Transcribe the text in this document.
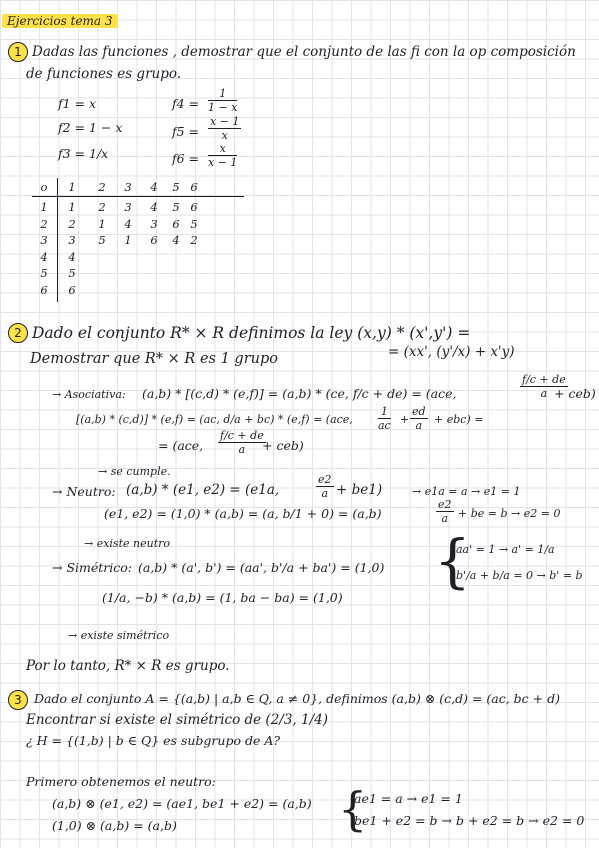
Ejercicios tema 3
1 Dadas las funciones , demostrar que el conjunto de las fi con la op composición
de funciones es grupo.
f1 = x
f2 = 1 − x
f3 = 1/x
$f4 = \frac{1}{1 - x}$
$f5 = \frac{x - 1}{x}$
$f6 = \frac{x}{x - 1}$
o 1 2 3 4 5 6
1 1 2 3 4 5 6
2 2 1 4 3 6 5
3 3 5 1 6 4 2
4 4
5 5
6 6
2 Dado el conjunto R* × R definimos la ley (x,y) * (x',y') =
Demostrar que R* × R es 1 grupo	= (xx', (y'/x) + x'y)
→ Asociativa: (a,b) * [(c,d) * (e,f)] = (a,b) * (ce, f/c + de) = (ace,	$\frac{f/c + de}{a}$
+ ceb)
[(a,b) * (c,d)] * (e,f) = (ac, d/a + bc) * (e,f) = (ace, $\frac{1}{ac} + \frac{ed}{a} + ebc$) =
= (ace, $\frac{f/c + de}{a}$
+ ceb)
→ se cumple.
→ Neutro: (a,b) * (e1, e2) = (e1a,	$\frac{e2}{a} + be1$)	→ e1a = a → e1 = 1
(e1, e2) = (1,0) * (a,b) = (a, b/1 + 0) = (a,b)	$\frac{e2}{a}$ + be = b → e2 = 0
→ existe neutro
→ Simétrico: (a,b) * (a', b') = (aa', b'/a + ba') = (1,0) {
aa' = 1 → a' = 1/a
b'/a + b/a = 0 → b' = b
(1/a, −b) * (a,b) = (1, ba − ba) = (1,0)
→ existe simétrico
Por lo tanto, R* × R es grupo.
3 Dado el conjunto A = {(a,b) | a,b ∈ Q, a ≠ 0}, definimos (a,b) ⊗ (c,d) = (ac, bc + d)
Encontrar si existe el simétrico de (2/3, 1/4)
¿ H = {(1,b) | b ∈ Q} es subgrupo de A?
Primero obtenemos el neutro:
(a,b) ⊗ (e1, e2) = (ae1, be1 + e2) = (a,b)
(1,0) ⊗ (a,b) = (a,b)	{
ae1 = a → e1 = 1
be1 + e2 = b → b + e2 = b → e2 = 0
